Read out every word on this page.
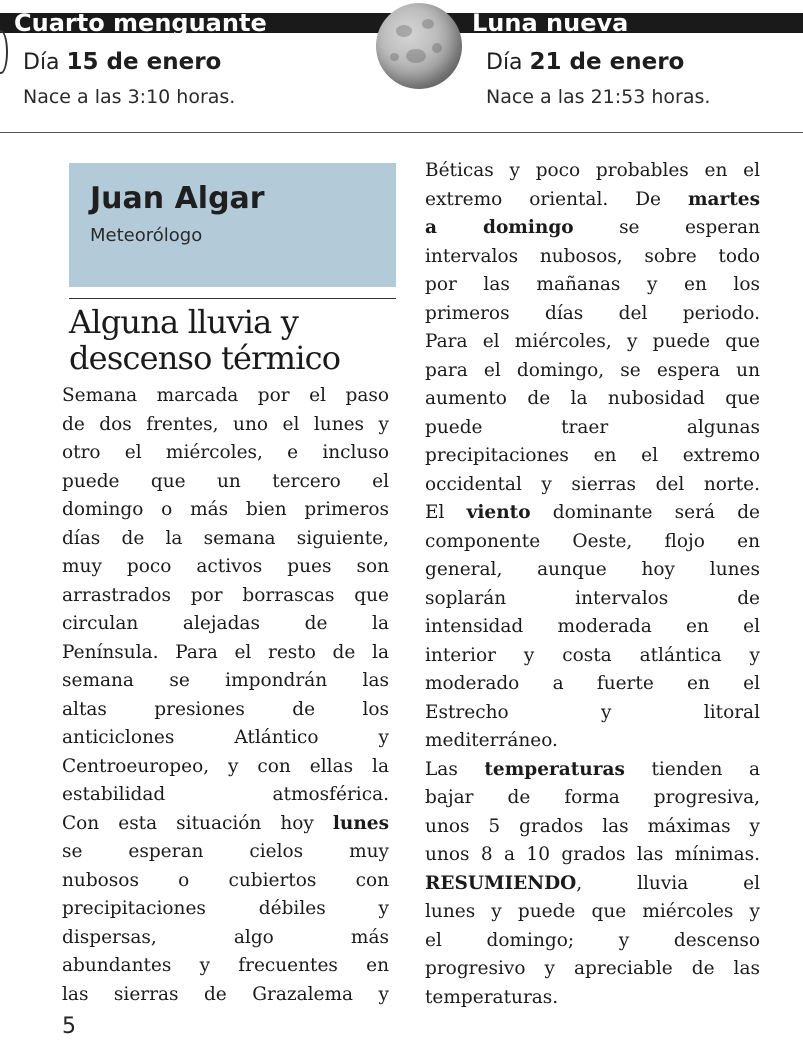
Cuarto menguante

Día 15 de enero

Nace a las 3:10 horas.

Luna nueva

Día 21 de enero

Nace a las 21:53 horas.

Juan Algar

Meteorólogo

Alguna lluvia y
descenso térmico
Semana marcada por el paso
de dos frentes, uno el lunes y
otro el miércoles, e incluso
puede que un tercero el
domingo o más bien primeros
días de la semana siguiente,
muy poco activos pues son
arrastrados por borrascas que
circulan alejadas de la
Península. Para el resto de la
semana se impondrán las
altas presiones de los
anticiclones Atlántico y
Centroeuropeo, y con ellas la
estabilidad atmosférica.
Con esta situación hoy lunes
se esperan cielos muy
nubosos o cubiertos con
precipitaciones débiles y
dispersas, algo más
abundantes y frecuentes en
las sierras de Grazalema y
Béticas y poco probables en el
extremo oriental. De martes
a domingo se esperan
intervalos nubosos, sobre todo
por las mañanas y en los
primeros días del periodo.
Para el miércoles, y puede que
para el domingo, se espera un
aumento de la nubosidad que
puede traer algunas
precipitaciones en el extremo
occidental y sierras del norte.
El viento dominante será de
componente Oeste, flojo en
general, aunque hoy lunes
soplarán intervalos de
intensidad moderada en el
interior y costa atlántica y
moderado a fuerte en el
Estrecho y litoral
mediterráneo.
Las temperaturas tienden a
bajar de forma progresiva,
unos 5 grados las máximas y
unos 8 a 10 grados las mínimas.
RESUMIENDO, lluvia el
lunes y puede que miércoles y
el domingo; y descenso
progresivo y apreciable de las
temperaturas.
5
